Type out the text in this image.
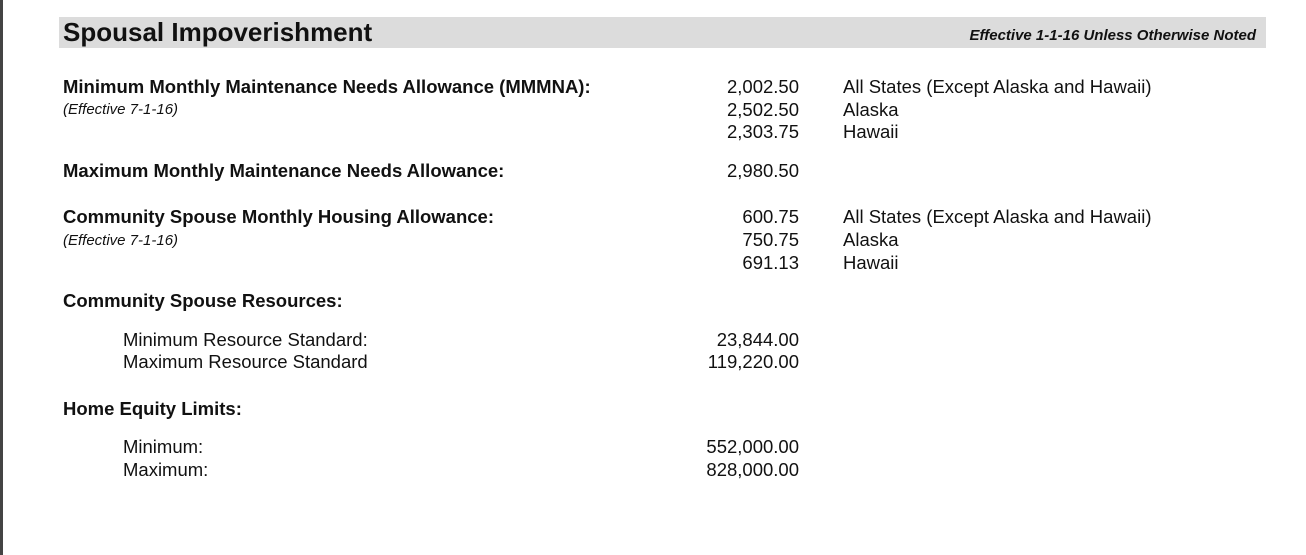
Spousal Impoverishment	Effective 1-1-16 Unless Otherwise Noted
Minimum Monthly Maintenance Needs Allowance (MMMNA):
(Effective 7-1-16)
2,002.50 All States (Except Alaska and Hawaii)
2,502.50 Alaska
2,303.75 Hawaii
Maximum Monthly Maintenance Needs Allowance:	2,980.50
Community Spouse Monthly Housing Allowance:
(Effective 7-1-16)
600.75 All States (Except Alaska and Hawaii)
750.75 Alaska
691.13 Hawaii
Community Spouse Resources:
Minimum Resource Standard:	23,844.00
Maximum Resource Standard	119,220.00
Home Equity Limits:
Minimum:	552,000.00
Maximum:	828,000.00
